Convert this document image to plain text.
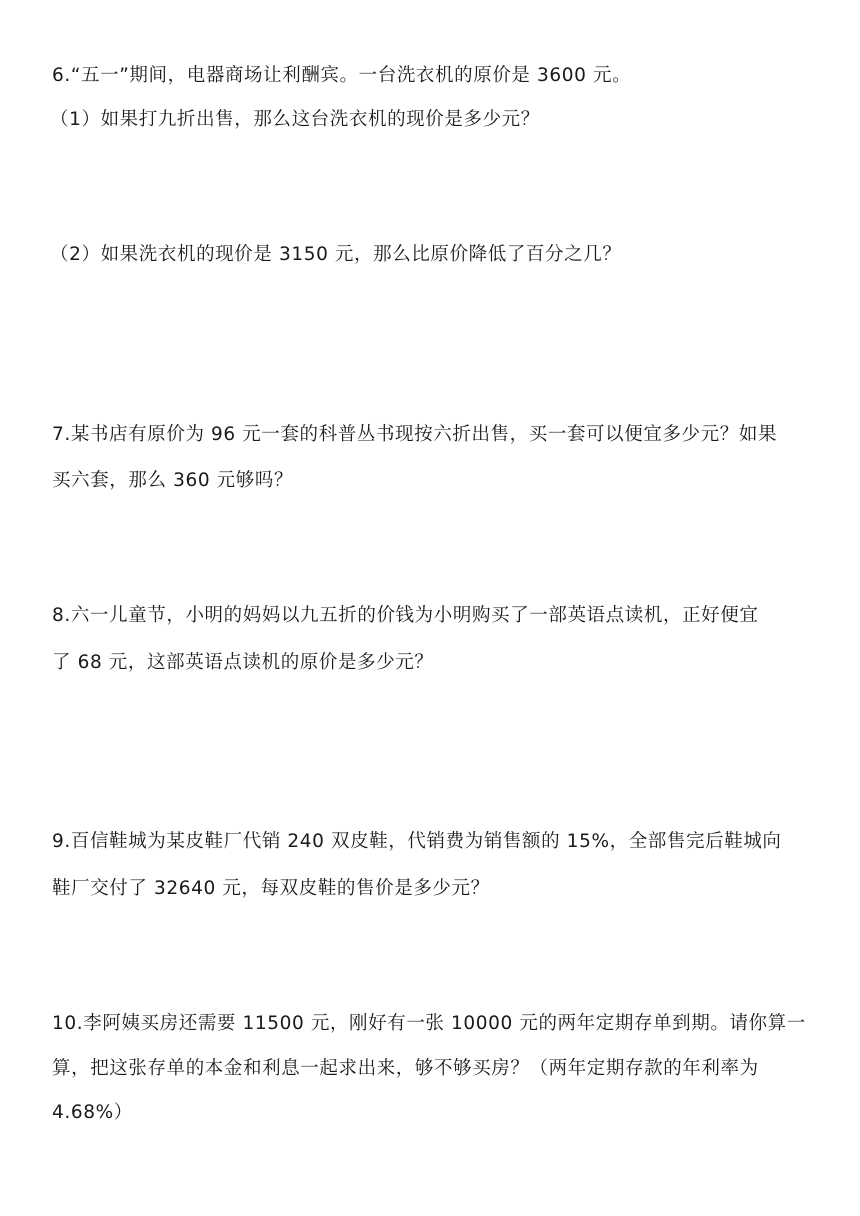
6.“五一”期间，电器商场让利酬宾。一台洗衣机的原价是 3600 元。
（1）如果打九折出售，那么这台洗衣机的现价是多少元？
（2）如果洗衣机的现价是 3150 元，那么比原价降低了百分之几？
7.某书店有原价为 96 元一套的科普丛书现按六折出售，买一套可以便宜多少元？如果
买六套，那么 360 元够吗？
8.六一儿童节，小明的妈妈以九五折的价钱为小明购买了一部英语点读机，正好便宜
了 68 元，这部英语点读机的原价是多少元？
9.百信鞋城为某皮鞋厂代销 240 双皮鞋，代销费为销售额的 15%，全部售完后鞋城向
鞋厂交付了 32640 元，每双皮鞋的售价是多少元？
10.李阿姨买房还需要 11500 元，刚好有一张 10000 元的两年定期存单到期。请你算一
算，把这张存单的本金和利息一起求出来，够不够买房？（两年定期存款的年利率为
4.68%）
